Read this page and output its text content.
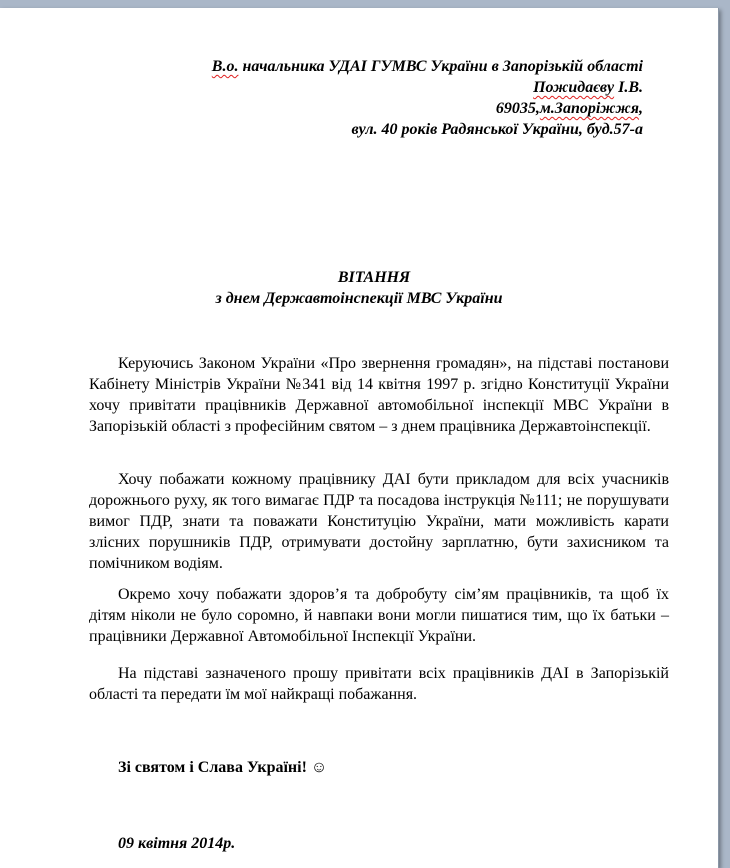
В.о. начальника УДАІ ГУМВС України в Запорізькій області
Пожидаєву І.В.
69035,м.Запоріжжя,
вул. 40 років Радянської України, буд.57-а
ВІТАННЯ
з днем Державтоінспекції МВС України

Керуючись Законом України «Про звернення громадян», на підставі постанови Кабінету Міністрів України №341 від 14 квітня 1997 р. згідно Конституції України хочу привітати працівників Державної автомобільної інспекції МВС України в Запорізькій області з професійним святом – з днем працівника Державтоінспекції.

Хочу побажати кожному працівнику ДАІ бути прикладом для всіх учасників дорожнього руху, як того вимагає ПДР та посадова інструкція №111; не порушувати вимог ПДР, знати та поважати Конституцію України, мати можливість карати злісних порушників ПДР, отримувати достойну зарплатню, бути захисником та помічником водіям.

Окремо хочу побажати здоров’я та добробуту сім’ям працівників, та щоб їх дітям ніколи не було соромно, й навпаки вони могли пишатися тим, що їх батьки – працівники Державної Автомобільної Інспекції України.

На підставі зазначеного прошу привітати всіх працівників ДАІ в Запорізькій області та передати їм мої найкращі побажання.

Зі святом і Слава Україні! ☺
09 квітня 2014р.
